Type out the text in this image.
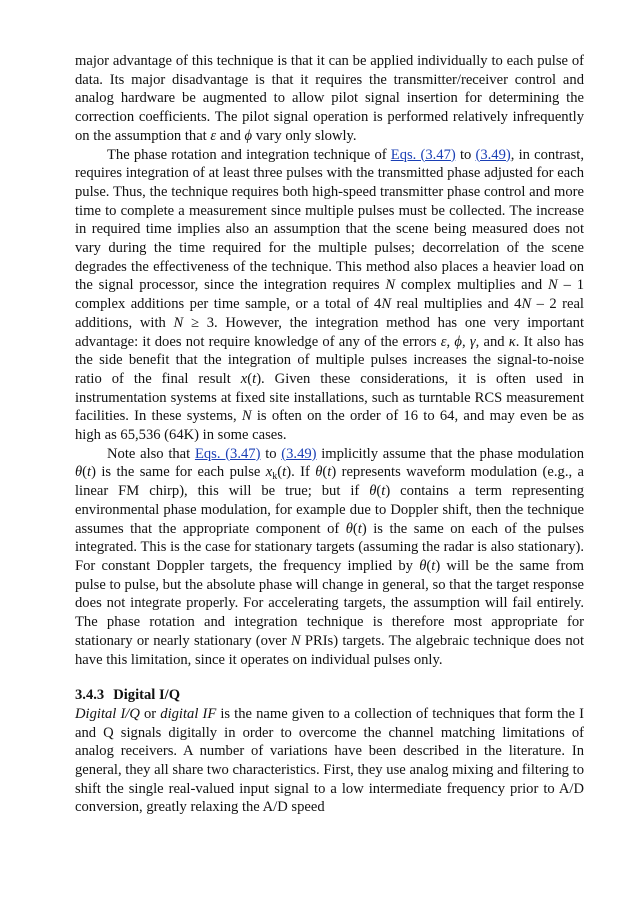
major advantage of this technique is that it can be applied individually to each pulse of data. Its major disadvantage is that it requires the transmitter/receiver control and analog hardware be augmented to allow pilot signal insertion for determining the correction coefficients. The pilot signal operation is performed relatively infrequently on the assumption that ε and ϕ vary only slowly.

The phase rotation and integration technique of Eqs. (3.47) to (3.49), in contrast, requires integration of at least three pulses with the transmitted phase adjusted for each pulse. Thus, the technique requires both high-speed transmitter phase control and more time to complete a measurement since multiple pulses must be collected. The increase in required time implies also an assumption that the scene being measured does not vary during the time required for the multiple pulses; decorrelation of the scene degrades the effectiveness of the technique. This method also places a heavier load on the signal processor, since the integration requires N complex multiplies and N – 1 complex additions per time sample, or a total of 4N real multiplies and 4N – 2 real additions, with N ≥ 3. However, the integration method has one very important advantage: it does not require knowledge of any of the errors ε, ϕ, γ, and κ. It also has the side benefit that the integration of multiple pulses increases the signal-to-noise ratio of the final result x(t). Given these considerations, it is often used in instrumentation systems at fixed site installations, such as turntable RCS measurement facilities. In these systems, N is often on the order of 16 to 64, and may even be as high as 65,536 (64K) in some cases.

Note also that Eqs. (3.47) to (3.49) implicitly assume that the phase modulation θ(t) is the same for each pulse $x_k(t)$. If θ(t) represents waveform modulation (e.g., a linear FM chirp), this will be true; but if θ(t) contains a term representing environmental phase modulation, for example due to Doppler shift, then the technique assumes that the appropriate component of θ(t) is the same on each of the pulses integrated. This is the case for stationary targets (assuming the radar is also stationary). For constant Doppler targets, the frequency implied by θ(t) will be the same from pulse to pulse, but the absolute phase will change in general, so that the target response does not integrate properly. For accelerating targets, the assumption will fail entirely. The phase rotation and integration technique is therefore most appropriate for stationary or nearly stationary (over N PRIs) targets. The algebraic technique does not have this limitation, since it operates on individual pulses only.

3.4.3 Digital I/Q

Digital I/Q or digital IF is the name given to a collection of techniques that form the I and Q signals digitally in order to overcome the channel matching limitations of analog receivers. A number of variations have been described in the literature. In general, they all share two characteristics. First, they use analog mixing and filtering to shift the single real-valued input signal to a low intermediate frequency prior to A/D conversion, greatly relaxing the A/D speed
